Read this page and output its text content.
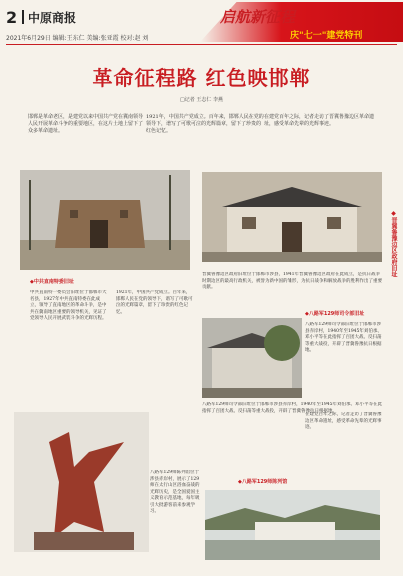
2 中原商报
2021年6月29日 编辑:王东仁 美编:张亚霞 校对:赵 刘
启航新征程
庆"七一"建党特刊
革命征程路 红色映邯郸
□记者 王志仁 李燕
邯郸是革命老区，是建党以来中国共产党在冀南领导人民开展革命斗争的重要地区，在这片土地上留下了众多革命遗址。
1921年，中国共产党成立。百年来，邯郸人民在党的领导下，谱写了可歌可泣的光辉篇章，留下了珍贵的红色记忆。
在建党百年之际，记者走访了晋冀鲁豫边区革命遗址，感受革命先辈的光辉事迹。
◆晋冀鲁豫边区政府旧址
◆中共直南特委旧址
中共直南特一委员会旧址位于邯郸市大名县，1927年中共直南特委在此成立，领导了直南地区的革命斗争，是中共在冀南地区重要的领导机关，见证了党领导人民开展武装斗争的光辉历程。
1921年，中国共产党成立。百年来，邯郸人民在党的领导下，谱写了可歌可泣的光辉篇章，留下了珍贵的红色记忆。
晋冀鲁豫边区政府旧址位于邯郸市涉县，1941年晋冀鲁豫边区政府在此成立，是抗日战争时期边区的最高行政机关，被誉为新中国的雏形，为抗日战争和解放战争的胜利作出了重要贡献。
◆八路军129师司令部旧址
八路军129师司令部旧址位于邯郸市涉县赤岸村，1940年至1945年刘伯承、邓小平等在此指挥了百团大战、反扫荡等重大战役，开辟了晋冀鲁豫抗日根据地。
八路军129师司令部旧址位于邯郸市涉县赤岸村，1940年至1945年刘伯承、邓小平等在此指挥了百团大战、反扫荡等重大战役，开辟了晋冀鲁豫抗日根据地。
在建党百年之际，记者走访了晋冀鲁豫边区革命遗址，感受革命先辈的光辉事迹。
八路军129师陈列馆位于涉县赤岸村，展示了129师在太行山区浴血奋战的光辉历史，是全国爱国主义教育示范基地，每年吸引大批游客前来参观学习。
◆八路军129师陈列馆
